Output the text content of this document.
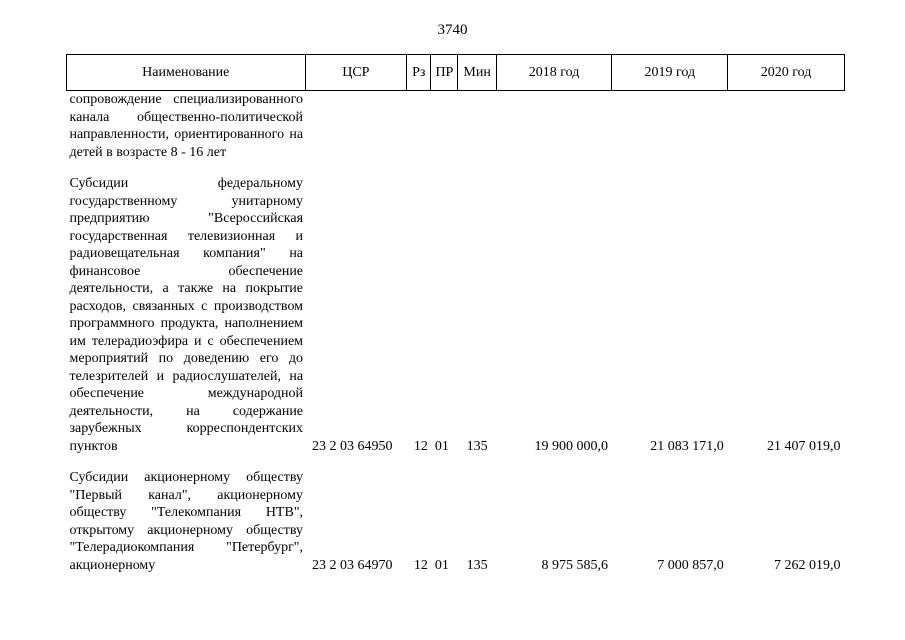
3740
Наименование	ЦСР	Рз	ПР	Мин	2018 год	2019 год	2020 год
сопровождение специализированного канала общественно-политической направленности, ориентированного на детей в возрасте 8 - 16 лет							

Субсидии федеральному государственному унитарному предприятию "Всероссийская государственная телевизионная и радиовещательная компания" на финансовое обеспечение деятельности, а также на покрытие расходов, связанных с производством программного продукта, наполнением им телерадиоэфира и с обеспечением мероприятий по доведению его до телезрителей и радиослушателей, на обеспечение международной деятельности, на содержание зарубежных корреспондентских пунктов	23 2 03 64950	12	01	135	19 900 000,0	21 083 171,0	21 407 019,0

Субсидии акционерному обществу "Первый канал", акционерному обществу "Телекомпания НТВ", открытому акционерному обществу "Телерадиокомпания "Петербург", акционерному	23 2 03 64970	12	01	135	8 975 585,6	7 000 857,0	7 262 019,0
